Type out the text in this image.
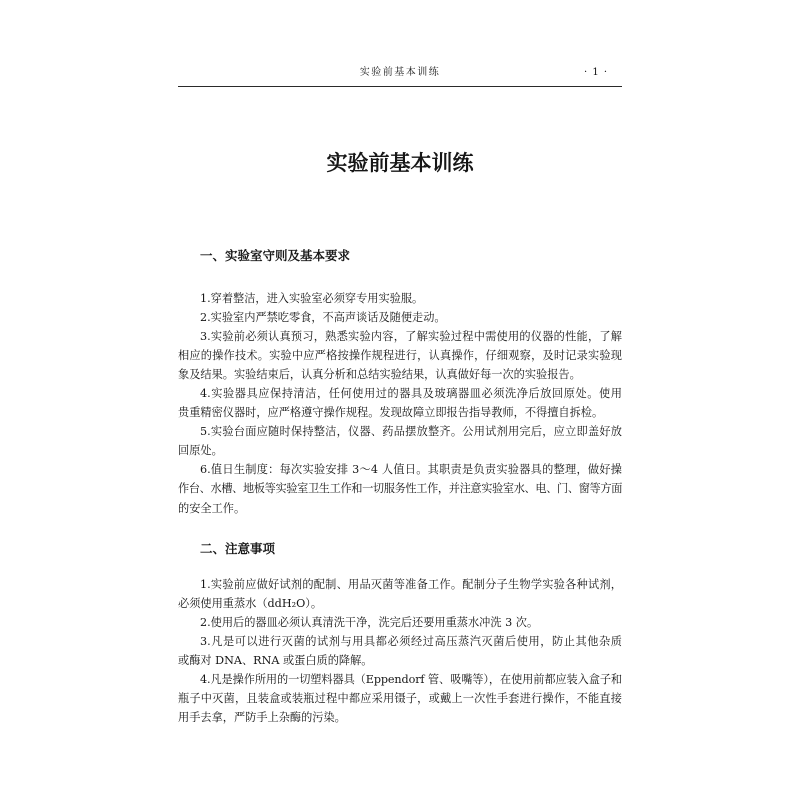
实验前基本训练	· 1 ·
实验前基本训练
一、实验室守则及基本要求
1.穿着整洁，进入实验室必须穿专用实验服。
2.实验室内严禁吃零食，不高声谈话及随便走动。
3.实验前必须认真预习，熟悉实验内容，了解实验过程中需使用的仪器的性能，了解
相应的操作技术。实验中应严格按操作规程进行，认真操作，仔细观察，及时记录实验现
象及结果。实验结束后，认真分析和总结实验结果，认真做好每一次的实验报告。
4.实验器具应保持清洁，任何使用过的器具及玻璃器皿必须洗净后放回原处。使用
贵重精密仪器时，应严格遵守操作规程。发现故障立即报告指导教师，不得擅自拆检。
5.实验台面应随时保持整洁，仪器、药品摆放整齐。公用试剂用完后，应立即盖好放
回原处。
6.值日生制度：每次实验安排 3～4 人值日。其职责是负责实验器具的整理，做好操
作台、水槽、地板等实验室卫生工作和一切服务性工作，并注意实验室水、电、门、窗等方面
的安全工作。
二、注意事项
1.实验前应做好试剂的配制、用品灭菌等准备工作。配制分子生物学实验各种试剂，
必须使用重蒸水（ddH₂O）。
2.使用后的器皿必须认真清洗干净，洗完后还要用重蒸水冲洗 3 次。
3.凡是可以进行灭菌的试剂与用具都必须经过高压蒸汽灭菌后使用，防止其他杂质
或酶对 DNA、RNA 或蛋白质的降解。
4.凡是操作所用的一切塑料器具（Eppendorf 管、吸嘴等），在使用前都应装入盒子和
瓶子中灭菌，且装盒或装瓶过程中都应采用镊子，或戴上一次性手套进行操作，不能直接
用手去拿，严防手上杂酶的污染。
